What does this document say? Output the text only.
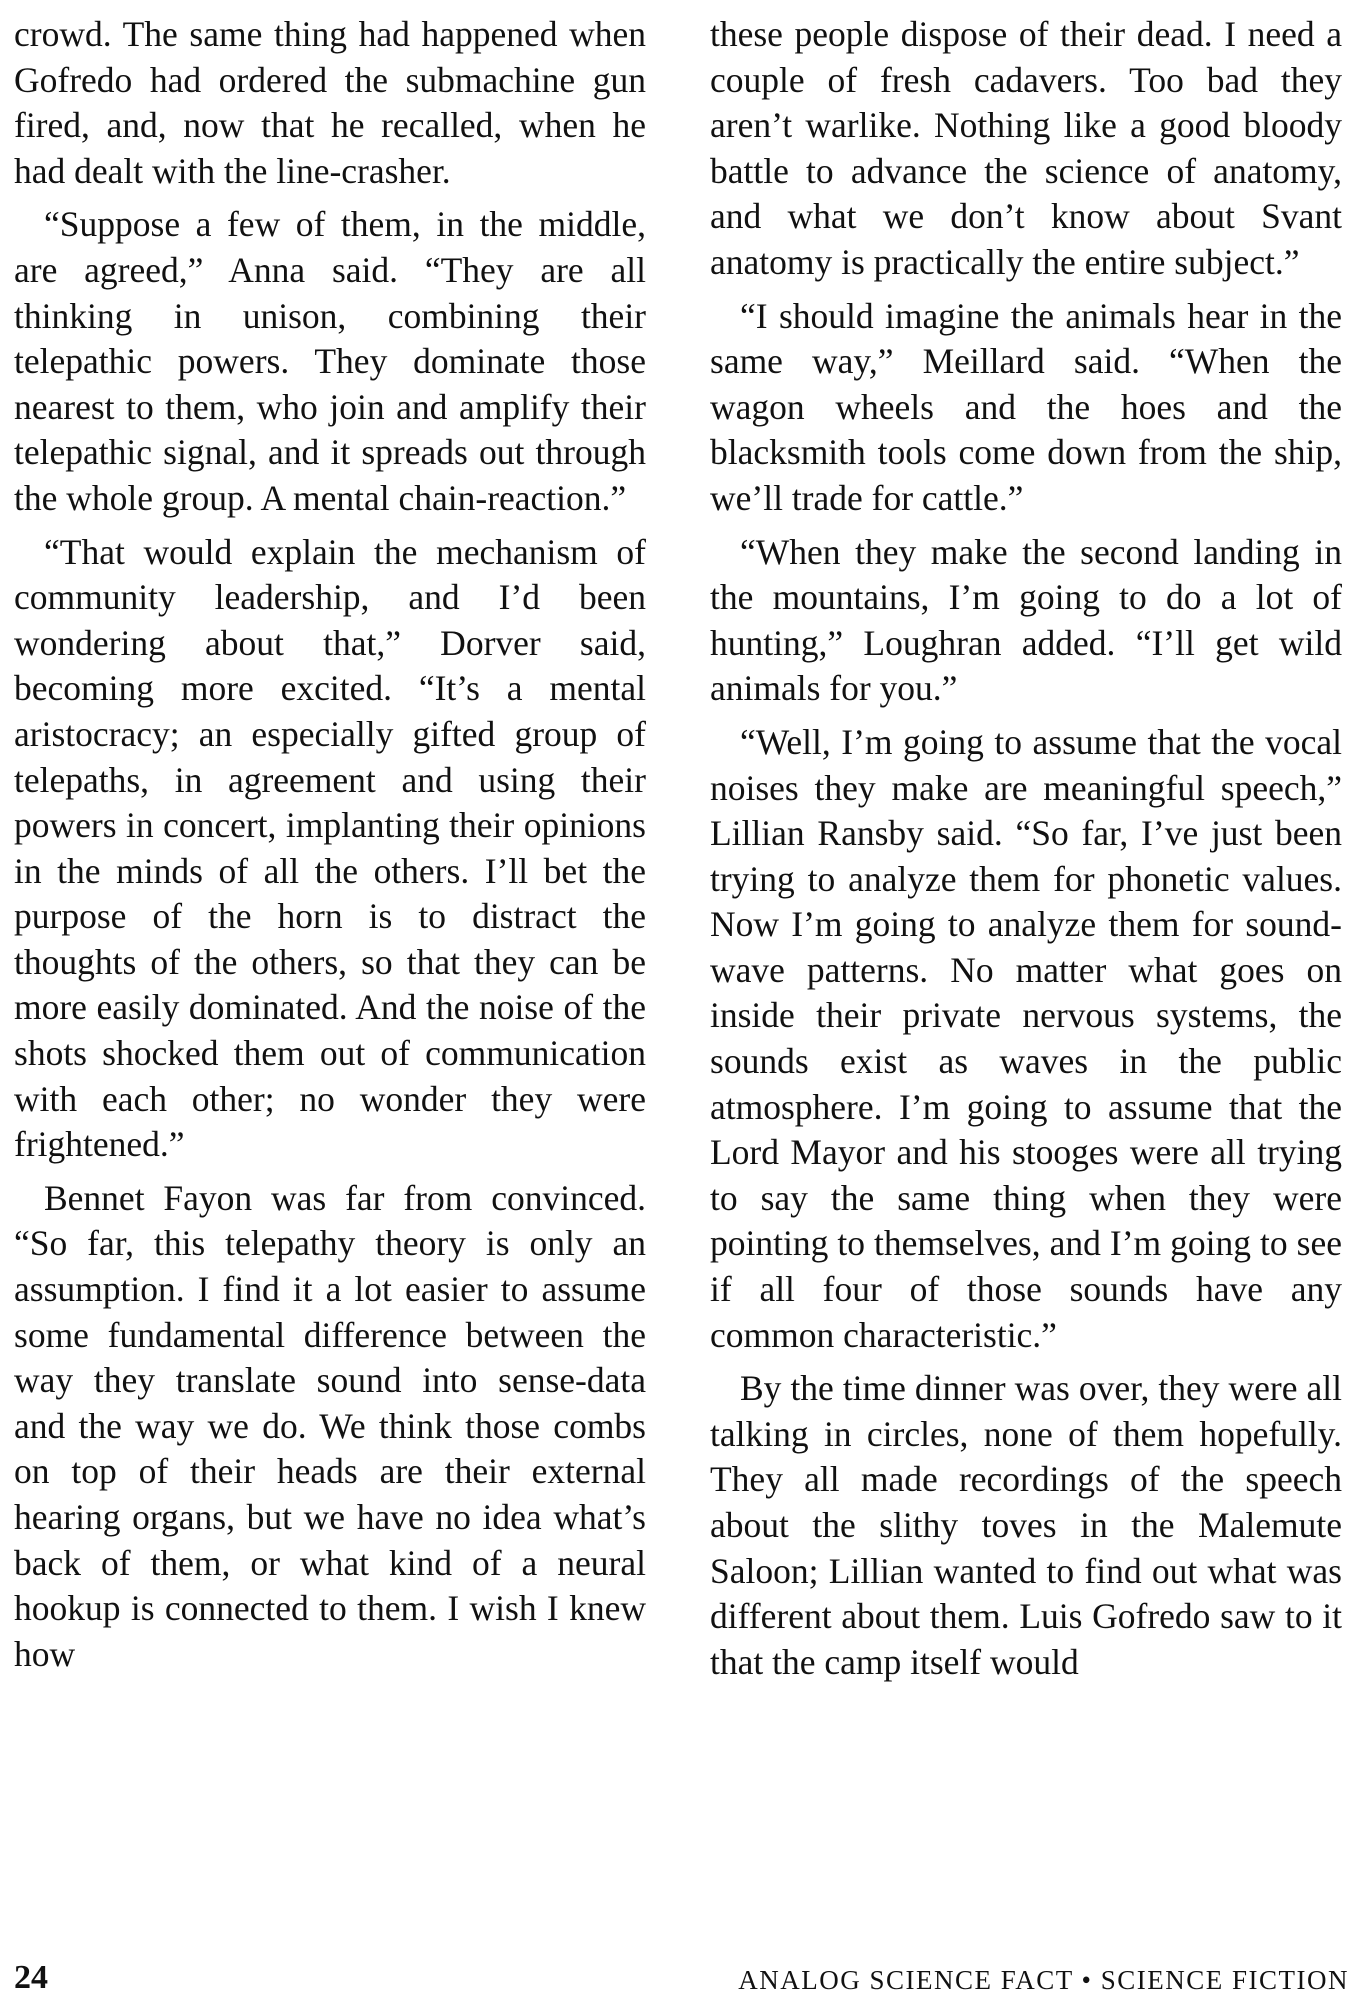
crowd. The same thing had happened when Gofredo had ordered the submachine gun fired, and, now that he recalled, when he had dealt with the line-crasher.

“Suppose a few of them, in the middle, are agreed,” Anna said. “They are all thinking in unison, combining their telepathic powers. They dominate those nearest to them, who join and amplify their telepathic signal, and it spreads out through the whole group. A mental chain-reaction.”

“That would explain the mechanism of community leadership, and I’d been wondering about that,” Dorver said, becoming more excited. “It’s a mental aristocracy; an especially gifted group of telepaths, in agreement and using their powers in concert, implanting their opinions in the minds of all the others. I’ll bet the purpose of the horn is to distract the thoughts of the others, so that they can be more easily dominated. And the noise of the shots shocked them out of communication with each other; no wonder they were frightened.”

Bennet Fayon was far from convinced. “So far, this telepathy theory is only an assumption. I find it a lot easier to assume some fundamental difference between the way they translate sound into sense-data and the way we do. We think those combs on top of their heads are their external hearing organs, but we have no idea what’s back of them, or what kind of a neural hookup is connected to them. I wish I knew how

these people dispose of their dead. I need a couple of fresh cadavers. Too bad they aren’t warlike. Nothing like a good bloody battle to advance the science of anatomy, and what we don’t know about Svant anatomy is practically the entire subject.”

“I should imagine the animals hear in the same way,” Meillard said. “When the wagon wheels and the hoes and the blacksmith tools come down from the ship, we’ll trade for cattle.”

“When they make the second landing in the mountains, I’m going to do a lot of hunting,” Loughran added. “I’ll get wild animals for you.”

“Well, I’m going to assume that the vocal noises they make are meaningful speech,” Lillian Ransby said. “So far, I’ve just been trying to analyze them for phonetic values. Now I’m going to analyze them for sound-wave patterns. No matter what goes on inside their private nervous systems, the sounds exist as waves in the public atmosphere. I’m going to assume that the Lord Mayor and his stooges were all trying to say the same thing when they were pointing to themselves, and I’m going to see if all four of those sounds have any common characteristic.”

By the time dinner was over, they were all talking in circles, none of them hopefully. They all made recordings of the speech about the slithy toves in the Malemute Saloon; Lillian wanted to find out what was different about them. Luis Gofredo saw to it that the camp itself would

24	ANALOG SCIENCE FACT • SCIENCE FICTION
